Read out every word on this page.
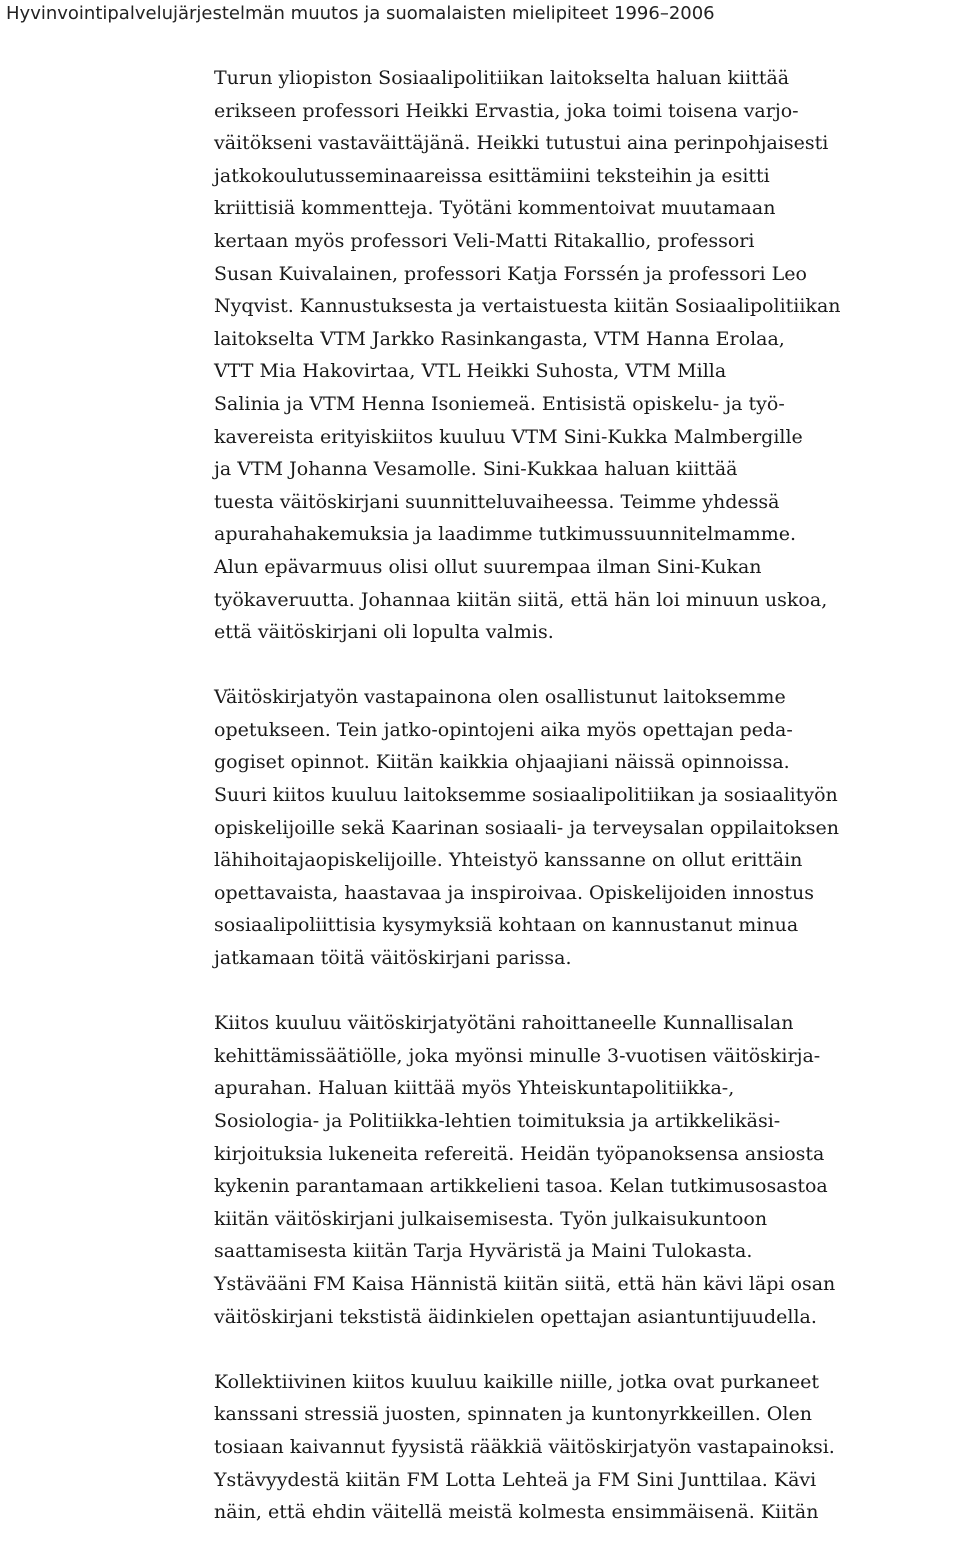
Hyvinvointipalvelujärjestelmän muutos ja suomalaisten mielipiteet 1996–2006

Turun yliopiston Sosiaalipolitiikan laitokselta haluan kiittää
erikseen professori Heikki Ervastia, joka toimi toisena varjo-
väitökseni vastaväittäjänä. Heikki tutustui aina perinpohjaisesti
jatkokoulutusseminaareissa esittämiini teksteihin ja esitti
kriittisiä kommentteja. Työtäni kommentoivat muutamaan
kertaan myös professori Veli-Matti Ritakallio, professori
Susan Kuivalainen, professori Katja Forssén ja professori Leo
Nyqvist. Kannustuksesta ja vertaistuesta kiitän Sosiaalipolitiikan
laitokselta VTM Jarkko Rasinkangasta, VTM Hanna Erolaa,
VTT Mia Hakovirtaa, VTL Heikki Suhosta, VTM Milla
Salinia ja VTM Henna Isoniemeä. Entisistä opiskelu- ja työ-
kavereista erityiskiitos kuuluu VTM Sini-Kukka Malmbergille
ja VTM Johanna Vesamolle. Sini-Kukkaa haluan kiittää
tuesta väitöskirjani suunnitteluvaiheessa. Teimme yhdessä
apurahahakemuksia ja laadimme tutkimussuunnitelmamme.
Alun epävarmuus olisi ollut suurempaa ilman Sini-Kukan
työkaveruutta. Johannaa kiitän siitä, että hän loi minuun uskoa,
että väitöskirjani oli lopulta valmis.

Väitöskirjatyön vastapainona olen osallistunut laitoksemme
opetukseen. Tein jatko-opintojeni aika myös opettajan peda-
gogiset opinnot. Kiitän kaikkia ohjaajiani näissä opinnoissa.
Suuri kiitos kuuluu laitoksemme sosiaalipolitiikan ja sosiaalityön
opiskelijoille sekä Kaarinan sosiaali- ja terveysalan oppilaitoksen
lähihoitajaopiskelijoille. Yhteistyö kanssanne on ollut erittäin
opettavaista, haastavaa ja inspiroivaa. Opiskelijoiden innostus
sosiaalipoliittisia kysymyksiä kohtaan on kannustanut minua
jatkamaan töitä väitöskirjani parissa.

Kiitos kuuluu väitöskirjatyötäni rahoittaneelle Kunnallisalan
kehittämissäätiölle, joka myönsi minulle 3-vuotisen väitöskirja-
apurahan. Haluan kiittää myös Yhteiskuntapolitiikka-,
Sosiologia- ja Politiikka-lehtien toimituksia ja artikkelikäsi-
kirjoituksia lukeneita refereitä. Heidän työpanoksensa ansiosta
kykenin parantamaan artikkelieni tasoa. Kelan tutkimusosastoa
kiitän väitöskirjani julkaisemisesta. Työn julkaisukuntoon
saattamisesta kiitän Tarja Hyväristä ja Maini Tulokasta.
Ystävääni FM Kaisa Hännistä kiitän siitä, että hän kävi läpi osan
väitöskirjani tekstistä äidinkielen opettajan asiantuntijuudella.

Kollektiivinen kiitos kuuluu kaikille niille, jotka ovat purkaneet
kanssani stressiä juosten, spinnaten ja kuntonyrkkeillen. Olen
tosiaan kaivannut fyysistä rääkkiä väitöskirjatyön vastapainoksi.
Ystävyydestä kiitän FM Lotta Lehteä ja FM Sini Junttilaa. Kävi
näin, että ehdin väitellä meistä kolmesta ensimmäisenä. Kiitän
